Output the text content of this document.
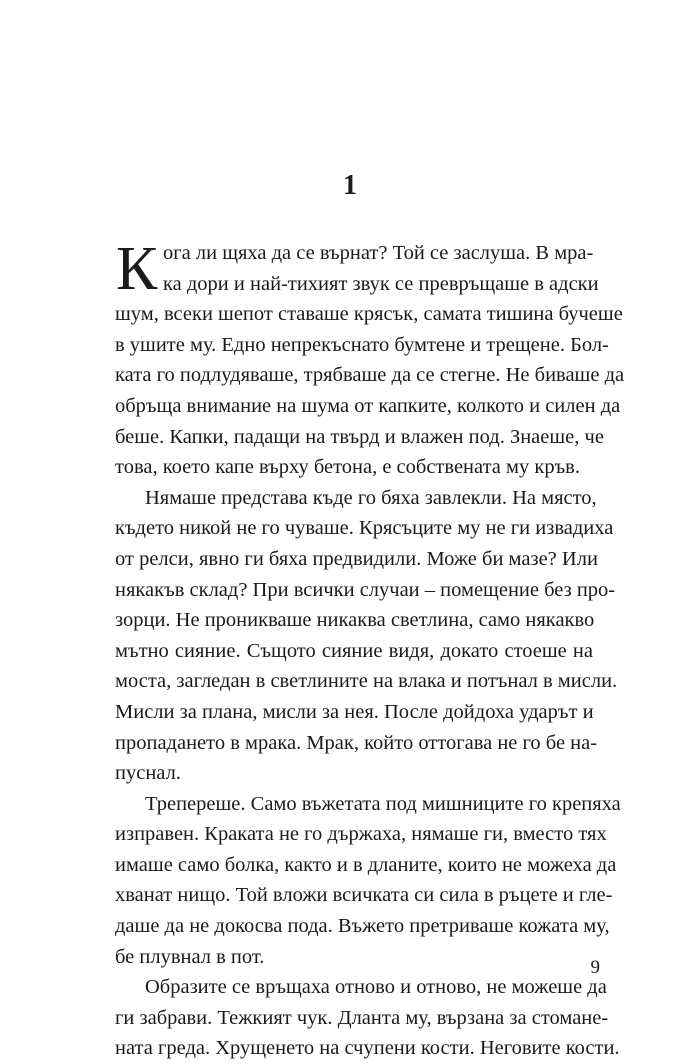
1
К ога ли щяха да се върнат? Той се заслуша. В мра-
ка дори и най-тихият звук се превръщаше в адски
шум, всеки шепот ставаше крясък, самата тишина бучеше
в ушите му. Едно непрекъснато бумтене и трещене. Бол-
ката го подлудяваше, трябваше да се стегне. Не биваше да
обръща внимание на шума от капките, колкото и силен да
беше. Капки, падащи на твърд и влажен под. Знаеше, че
това, което капе върху бетона, е собствената му кръв.
Нямаше представа къде го бяха завлекли. На място,
където никой не го чуваше. Крясъците му не ги извадиха
от релси, явно ги бяха предвидили. Може би мазе? Или
някакъв склад? При всички случаи – помещение без про-
зорци. Не проникваше никаква светлина, само някакво
мътно сияние. Същото сияние видя, докато стоеше на
моста, загледан в светлините на влака и потънал в мисли.
Мисли за плана, мисли за нея. После дойдоха ударът и
пропадането в мрака. Мрак, който оттогава не го бе на-
пуснал.
Трепереше. Само въжетата под мишниците го крепяха
изправен. Краката не го държаха, нямаше ги, вместо тях
имаше само болка, както и в дланите, които не можеха да
хванат нищо. Той вложи всичката си сила в ръцете и гле-
даше да не докосва пода. Въжето претриваше кожата му,
бе плувнал в пот.
Образите се връщаха отново и отново, не можеше да
ги забрави. Тежкият чук. Дланта му, вързана за стомане-
ната греда. Хрущенето на счупени кости. Неговите кости.
9
